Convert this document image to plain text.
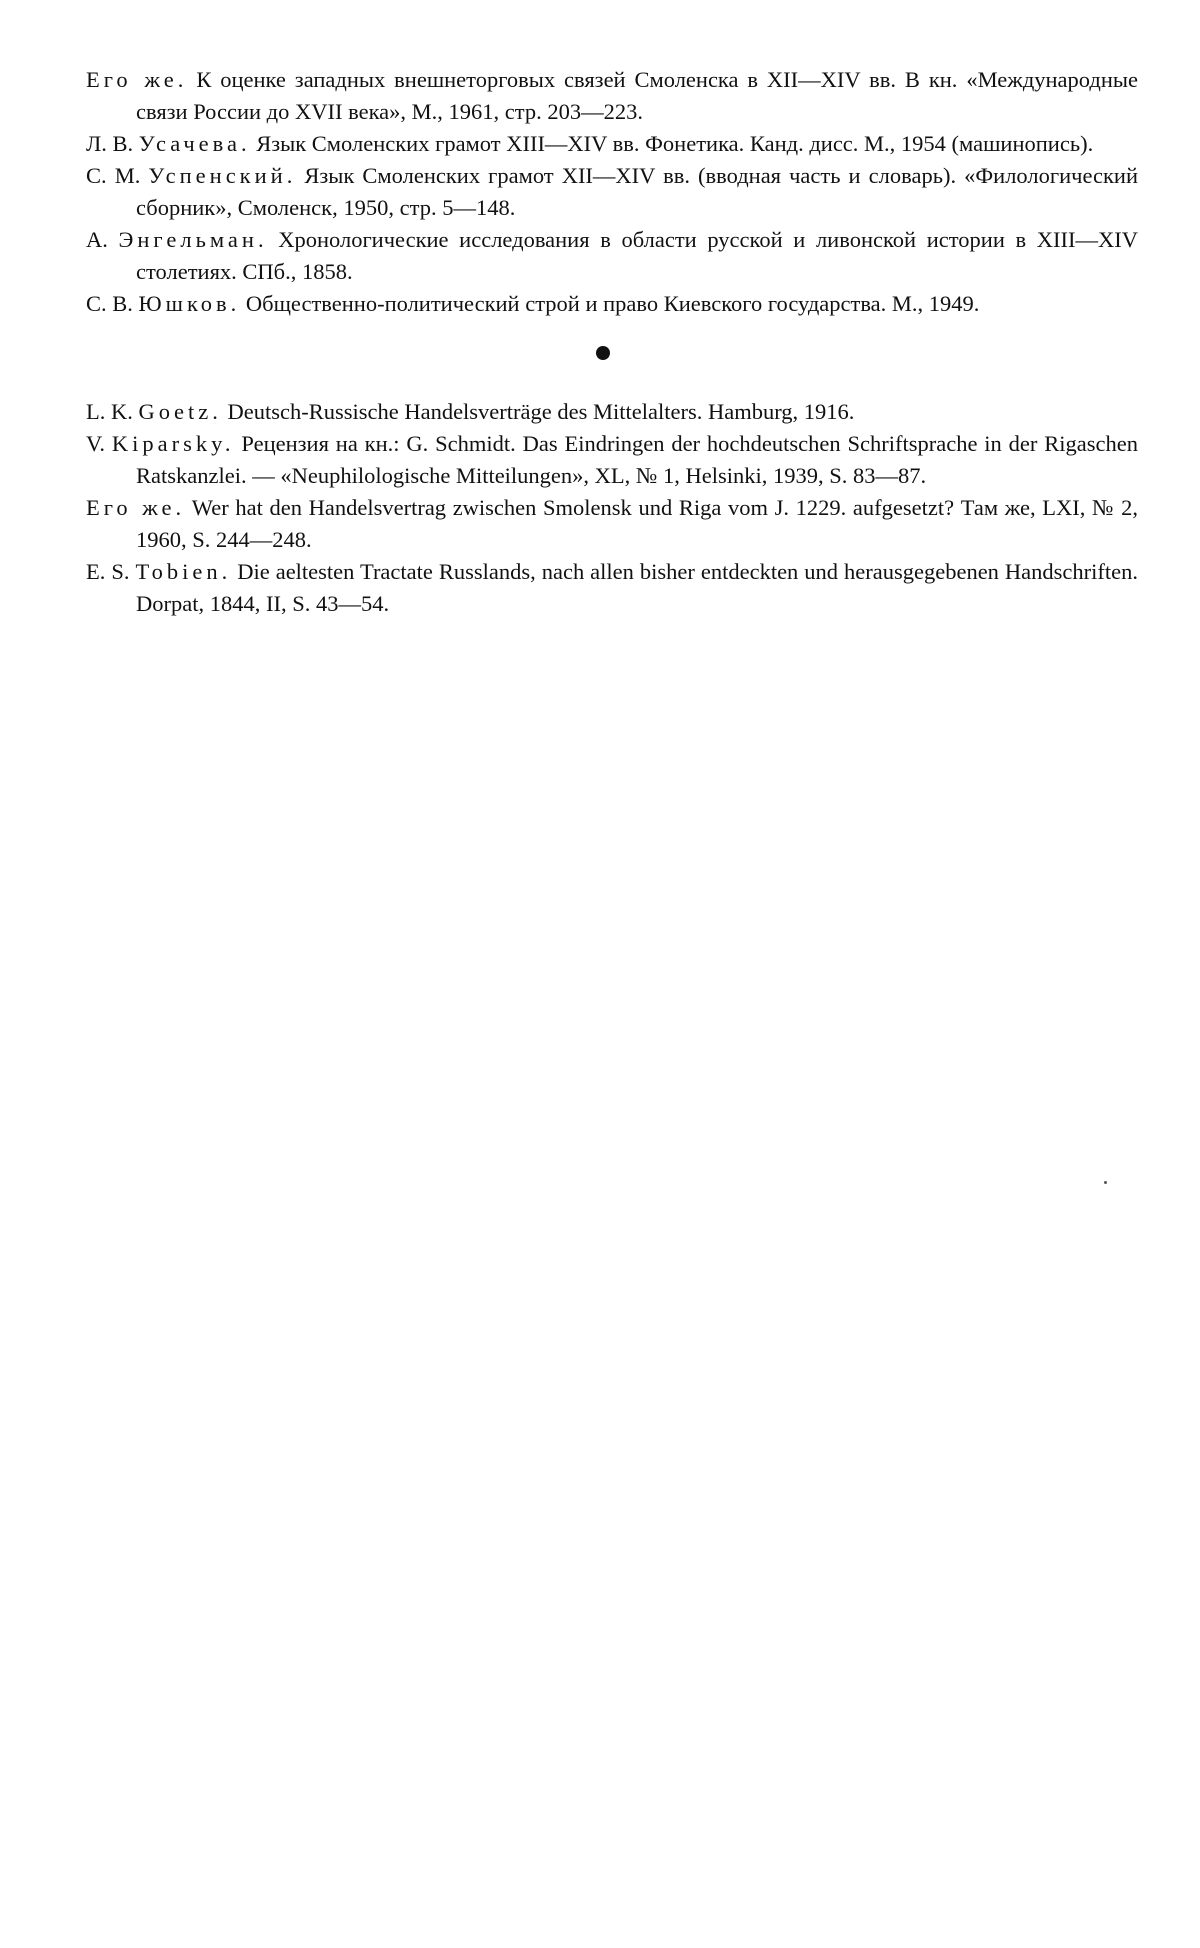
Его же. К оценке западных внешнеторговых связей Смоленска в XII—XIV вв. В кн. «Международные связи России до XVII века», М., 1961, стр. 203—223.

Л. В. Усачева. Язык Смоленских грамот XIII—XIV вв. Фонетика. Канд. дисс. М., 1954 (машинопись).

С. М. Успенский. Язык Смоленских грамот XII—XIV вв. (вводная часть и словарь). «Филологический сборник», Смоленск, 1950, стр. 5—148.

А. Энгельман. Хронологические исследования в области русской и ливонской истории в XIII—XIV столетиях. СПб., 1858.

С. В. Юшков. Общественно-политический строй и право Киевского государства. М., 1949.

L. K. Goetz. Deutsch-Russische Handelsverträge des Mittelalters. Hamburg, 1916.

V. Kiparsky. Рецензия на кн.: G. Schmidt. Das Eindringen der hochdeutschen Schriftsprache in der Rigaschen Ratskanzlei. — «Neuphilologische Mitteilungen», XL, № 1, Helsinki, 1939, S. 83—87.

Его же. Wer hat den Handelsvertrag zwischen Smolensk und Riga vom J. 1229. aufgesetzt? Там же, LXI, № 2, 1960, S. 244—248.

E. S. Tobien. Die aeltesten Tractate Russlands, nach allen bisher entdeckten und herausgegebenen Handschriften. Dorpat, 1844, II, S. 43—54.
